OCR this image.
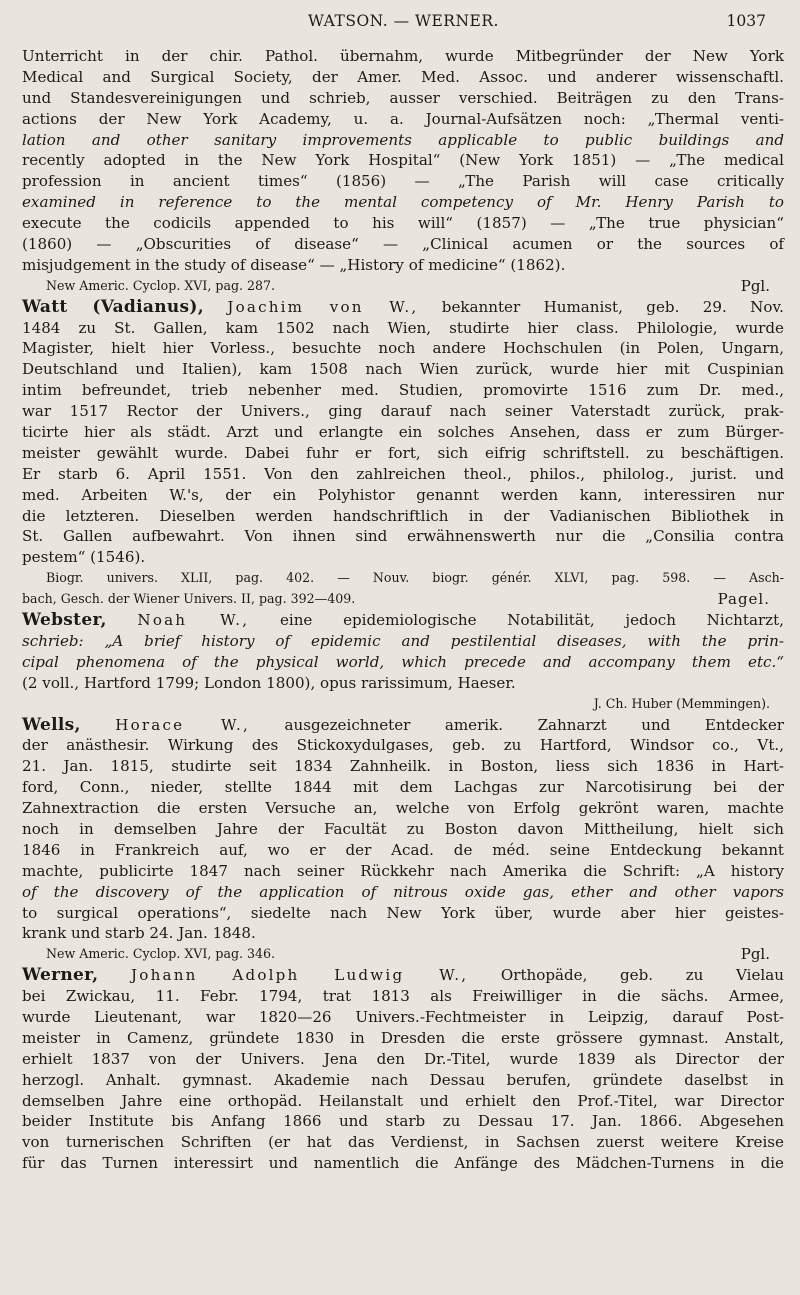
WATSON. — WERNER.	1037
Unterricht in der chir. Pathol. übernahm, wurde Mitbegründer der New York
Medical and Surgical Society, der Amer. Med. Assoc. und anderer wissenschaftl.
und Standesvereinigungen und schrieb, ausser verschied. Beiträgen zu den Trans-
actions der New York Academy, u. a. Journal-Aufsätzen noch: „Thermal venti-
lation and other sanitary improvements applicable to public buildings and
recently adopted in the New York Hospital“ (New York 1851) — „The medical
profession in ancient times“ (1856) — „The Parish will case critically
examined in reference to the mental competency of Mr. Henry Parish to
execute the codicils appended to his will“ (1857) — „The true physician“
(1860) — „Obscurities of disease“ — „Clinical acumen or the sources of
misjudgement in the study of disease“ — „History of medicine“ (1862).
New Americ. Cyclop. XVI, pag. 287.	Pgl.
Watt (Vadianus), Joachim von W., bekannter Humanist, geb. 29. Nov.
1484 zu St. Gallen, kam 1502 nach Wien, studirte hier class. Philologie, wurde
Magister, hielt hier Vorless., besuchte noch andere Hochschulen (in Polen, Ungarn,
Deutschland und Italien), kam 1508 nach Wien zurück, wurde hier mit Cuspinian
intim befreundet, trieb nebenher med. Studien, promovirte 1516 zum Dr. med.,
war 1517 Rector der Univers., ging darauf nach seiner Vaterstadt zurück, prak-
ticirte hier als städt. Arzt und erlangte ein solches Ansehen, dass er zum Bürger-
meister gewählt wurde. Dabei fuhr er fort, sich eifrig schriftstell. zu beschäftigen.
Er starb 6. April 1551. Von den zahlreichen theol., philos., philolog., jurist. und
med. Arbeiten W.'s, der ein Polyhistor genannt werden kann, interessiren nur
die letzteren. Dieselben werden handschriftlich in der Vadianischen Bibliothek in
St. Gallen aufbewahrt. Von ihnen sind erwähnenswerth nur die „Consilia contra
pestem“ (1546).
Biogr. univers. XLII, pag. 402. — Nouv. biogr. génér. XLVI, pag. 598. — Asch-
bach, Gesch. der Wiener Univers. II, pag. 392—409.	Pagel.
Webster, Noah W., eine epidemiologische Notabilität, jedoch Nichtarzt,
schrieb: „A brief history of epidemic and pestilential diseases, with the prin-
cipal phenomena of the physical world, which precede and accompany them etc.“
(2 voll., Hartford 1799; London 1800), opus rarissimum, Haeser.
J. Ch. Huber (Memmingen).
Wells, Horace W., ausgezeichneter amerik. Zahnarzt und Entdecker
der anästhesir. Wirkung des Stickoxydulgases, geb. zu Hartford, Windsor co., Vt.,
21. Jan. 1815, studirte seit 1834 Zahnheilk. in Boston, liess sich 1836 in Hart-
ford, Conn., nieder, stellte 1844 mit dem Lachgas zur Narcotisirung bei der
Zahnextraction die ersten Versuche an, welche von Erfolg gekrönt waren, machte
noch in demselben Jahre der Facultät zu Boston davon Mittheilung, hielt sich
1846 in Frankreich auf, wo er der Acad. de méd. seine Entdeckung bekannt
machte, publicirte 1847 nach seiner Rückkehr nach Amerika die Schrift: „A history
of the discovery of the application of nitrous oxide gas, ether and other vapors
to surgical operations“, siedelte nach New York über, wurde aber hier geistes-
krank und starb 24. Jan. 1848.
New Americ. Cyclop. XVI, pag. 346.	Pgl.
Werner, Johann Adolph Ludwig W., Orthopäde, geb. zu Vielau
bei Zwickau, 11. Febr. 1794, trat 1813 als Freiwilliger in die sächs. Armee,
wurde Lieutenant, war 1820—26 Univers.-Fechtmeister in Leipzig, darauf Post-
meister in Camenz, gründete 1830 in Dresden die erste grössere gymnast. Anstalt,
erhielt 1837 von der Univers. Jena den Dr.-Titel, wurde 1839 als Director der
herzogl. Anhalt. gymnast. Akademie nach Dessau berufen, gründete daselbst in
demselben Jahre eine orthopäd. Heilanstalt und erhielt den Prof.-Titel, war Director
beider Institute bis Anfang 1866 und starb zu Dessau 17. Jan. 1866. Abgesehen
von turnerischen Schriften (er hat das Verdienst, in Sachsen zuerst weitere Kreise
für das Turnen interessirt und namentlich die Anfänge des Mädchen-Turnens in die
